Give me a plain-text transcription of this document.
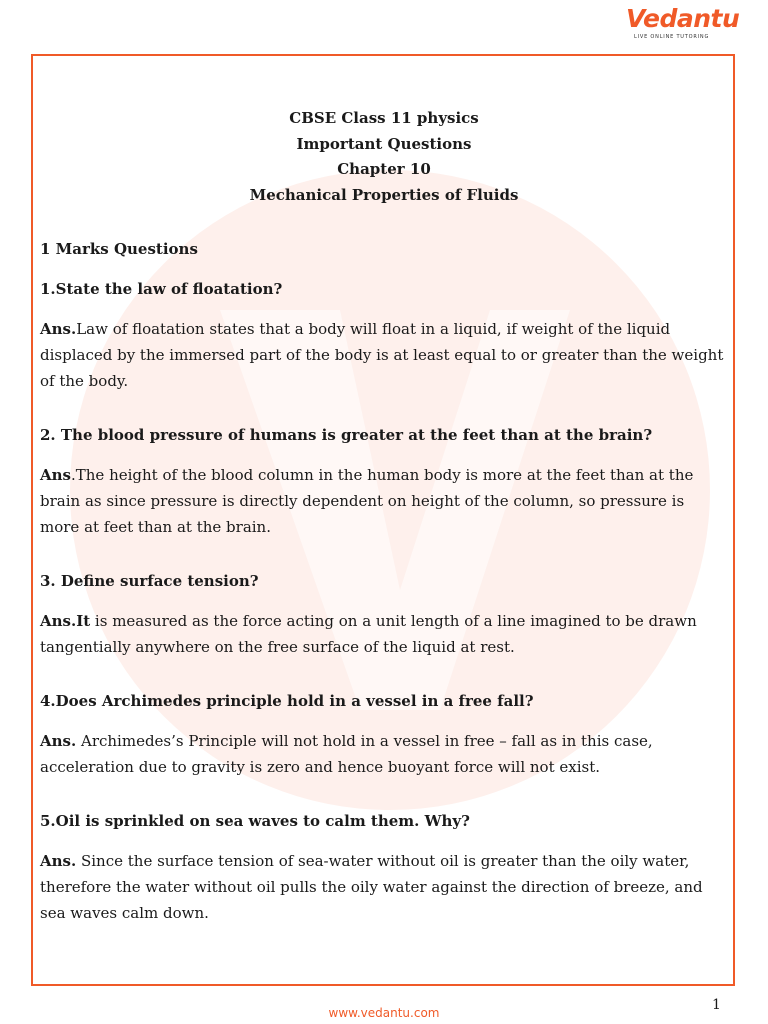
Vedantu
LIVE ONLINE TUTORING
CBSE Class 11 physics
Important Questions
Chapter 10
Mechanical Properties of Fluids
1 Marks Questions
1.State the law of floatation?
Ans.Law of floatation states that a body will float in a liquid, if weight of the liquid displaced by the immersed part of the body is at least equal to or greater than the weight of the body.
2. The blood pressure of humans is greater at the feet than at the brain?
Ans.The height of the blood column in the human body is more at the feet than at the brain as since pressure is directly dependent on height of the column, so pressure is more at feet than at the brain.
3. Define surface tension?
Ans.It is measured as the force acting on a unit length of a line imagined to be drawn tangentially anywhere on the free surface of the liquid at rest.
4.Does Archimedes principle hold in a vessel in a free fall?
Ans. Archimedes’s Principle will not hold in a vessel in free – fall as in this case, acceleration due to gravity is zero and hence buoyant force will not exist.
5.Oil is sprinkled on sea waves to calm them. Why?
Ans. Since the surface tension of sea-water without oil is greater than the oily water, therefore the water without oil pulls the oily water against the direction of breeze, and sea waves calm down.
1
www.vedantu.com
